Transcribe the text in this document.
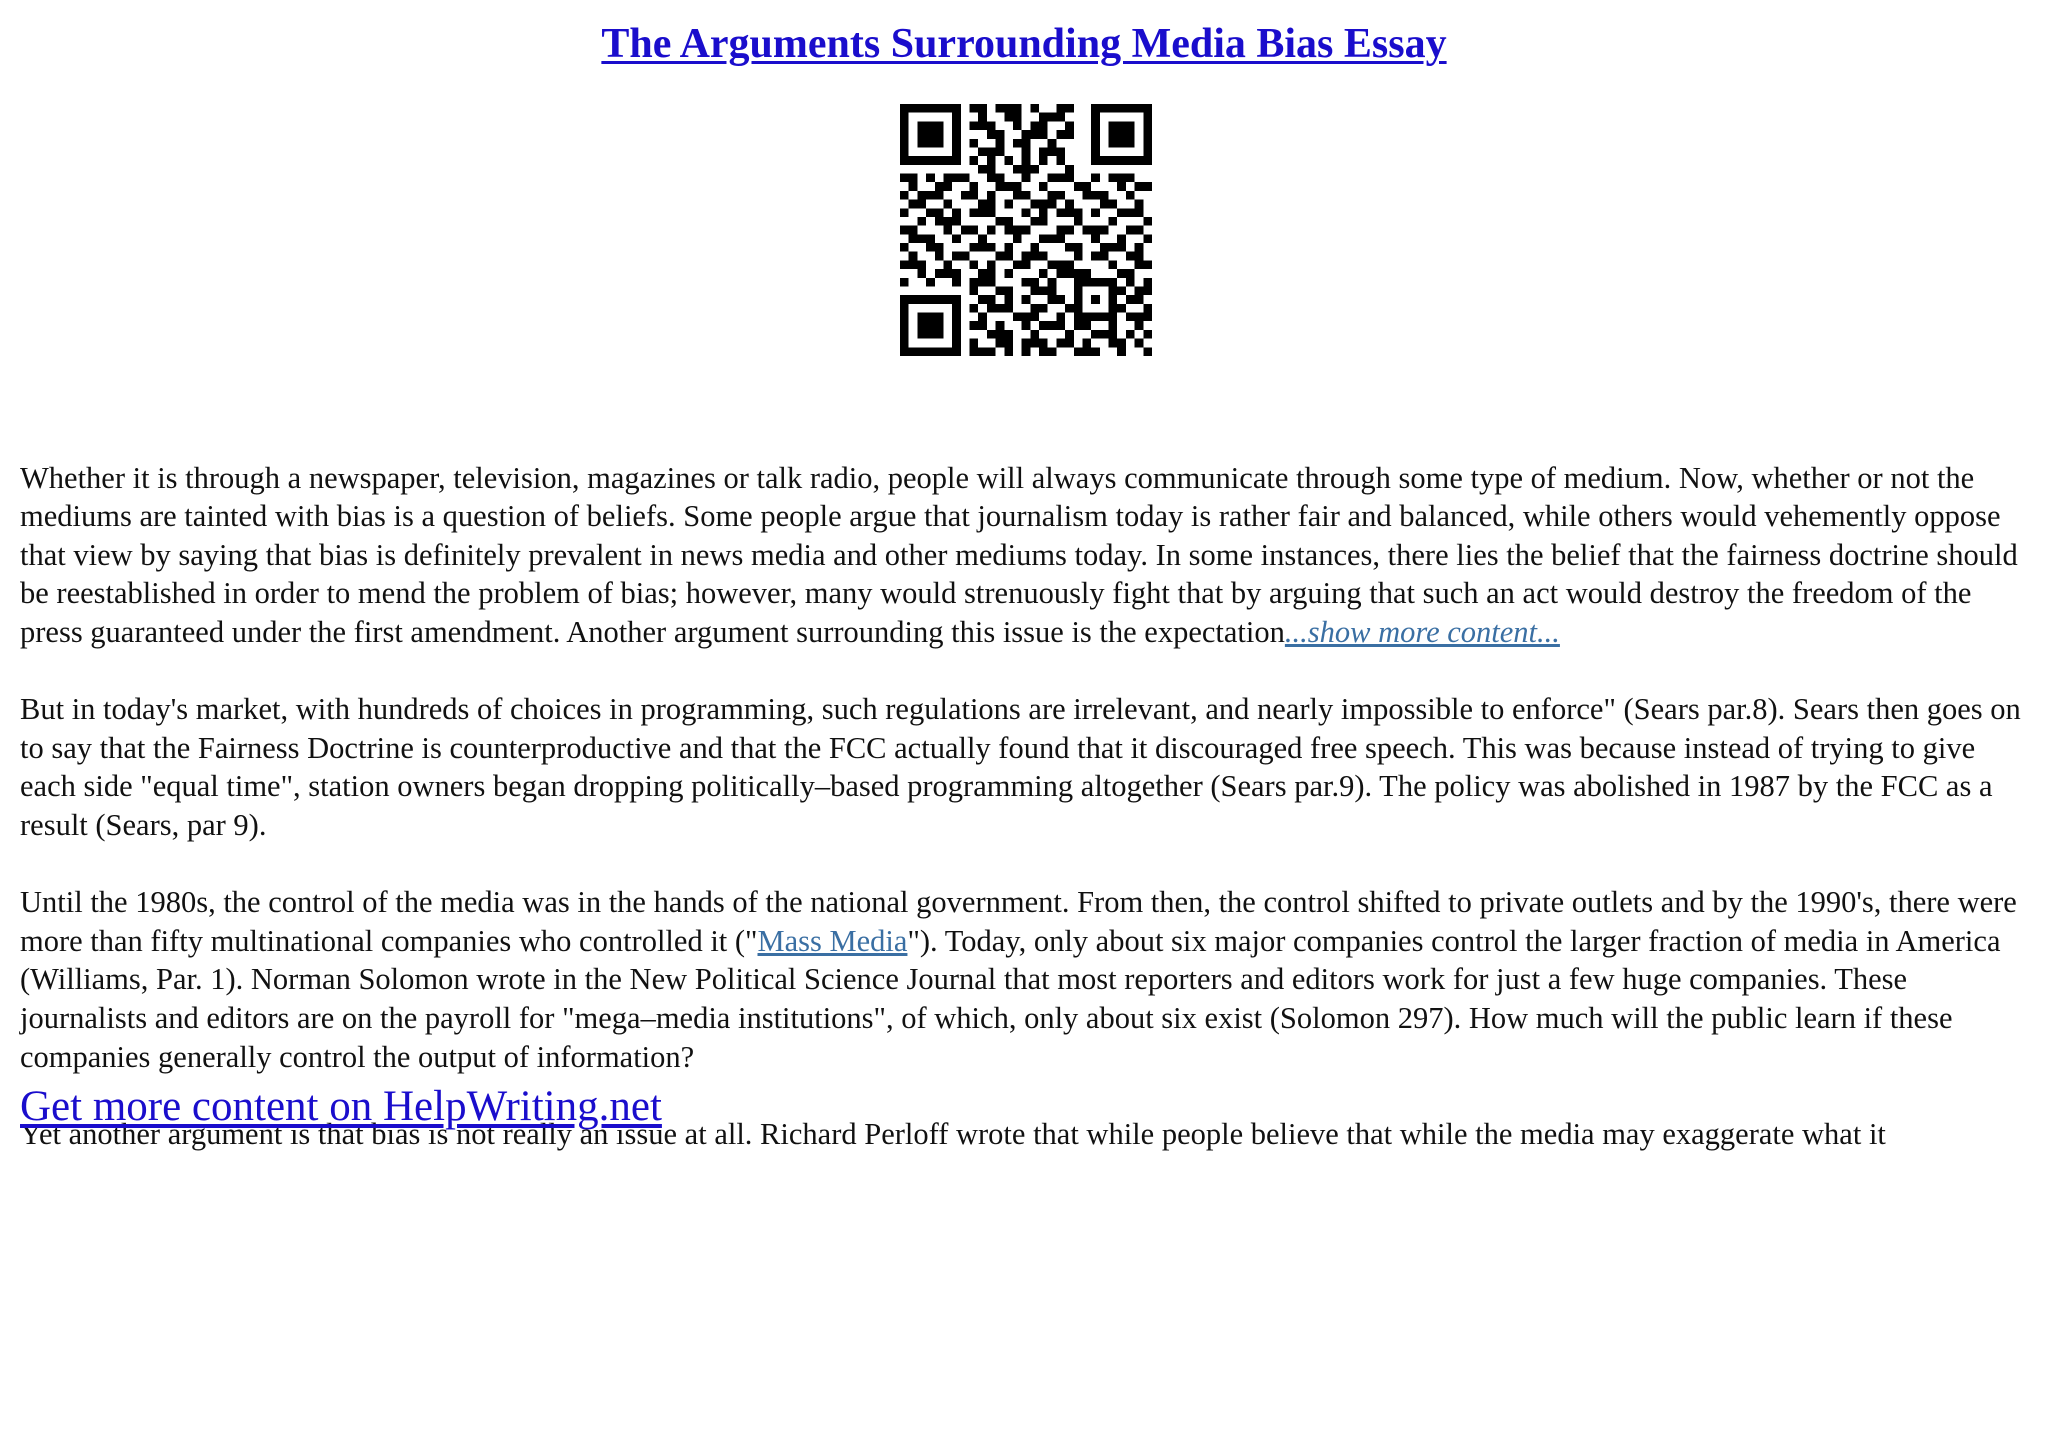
The Arguments Surrounding Media Bias Essay

Whether it is through a newspaper, television, magazines or talk radio, people will always communicate through some type of medium. Now, whether or not the mediums are tainted with bias is a question of beliefs. Some people argue that journalism today is rather fair and balanced, while others would vehemently oppose that view by saying that bias is definitely prevalent in news media and other mediums today. In some instances, there lies the belief that the fairness doctrine should be reestablished in order to mend the problem of bias; however, many would strenuously fight that by arguing that such an act would destroy the freedom of the press guaranteed under the first amendment. Another argument surrounding this issue is the expectation...show more content...

But in today's market, with hundreds of choices in programming, such regulations are irrelevant, and nearly impossible to enforce" (Sears par.8). Sears then goes on to say that the Fairness Doctrine is counterproductive and that the FCC actually found that it discouraged free speech. This was because instead of trying to give each side "equal time", station owners began dropping politically–based programming altogether (Sears par.9). The policy was abolished in 1987 by the FCC as a result (Sears, par 9).

Until the 1980s, the control of the media was in the hands of the national government. From then, the control shifted to private outlets and by the 1990's, there were more than fifty multinational companies who controlled it ("Mass Media"). Today, only about six major companies control the larger fraction of media in America (Williams, Par. 1). Norman Solomon wrote in the New Political Science Journal that most reporters and editors work for just a few huge companies. These journalists and editors are on the payroll for "mega–media institutions", of which, only about six exist (Solomon 297). How much will the public learn if these companies generally control the output of information?

Yet another argument is that bias is not really an issue at all. Richard Perloff wrote that while people believe that while the media may exaggerate what it

Get more content on HelpWriting.net
